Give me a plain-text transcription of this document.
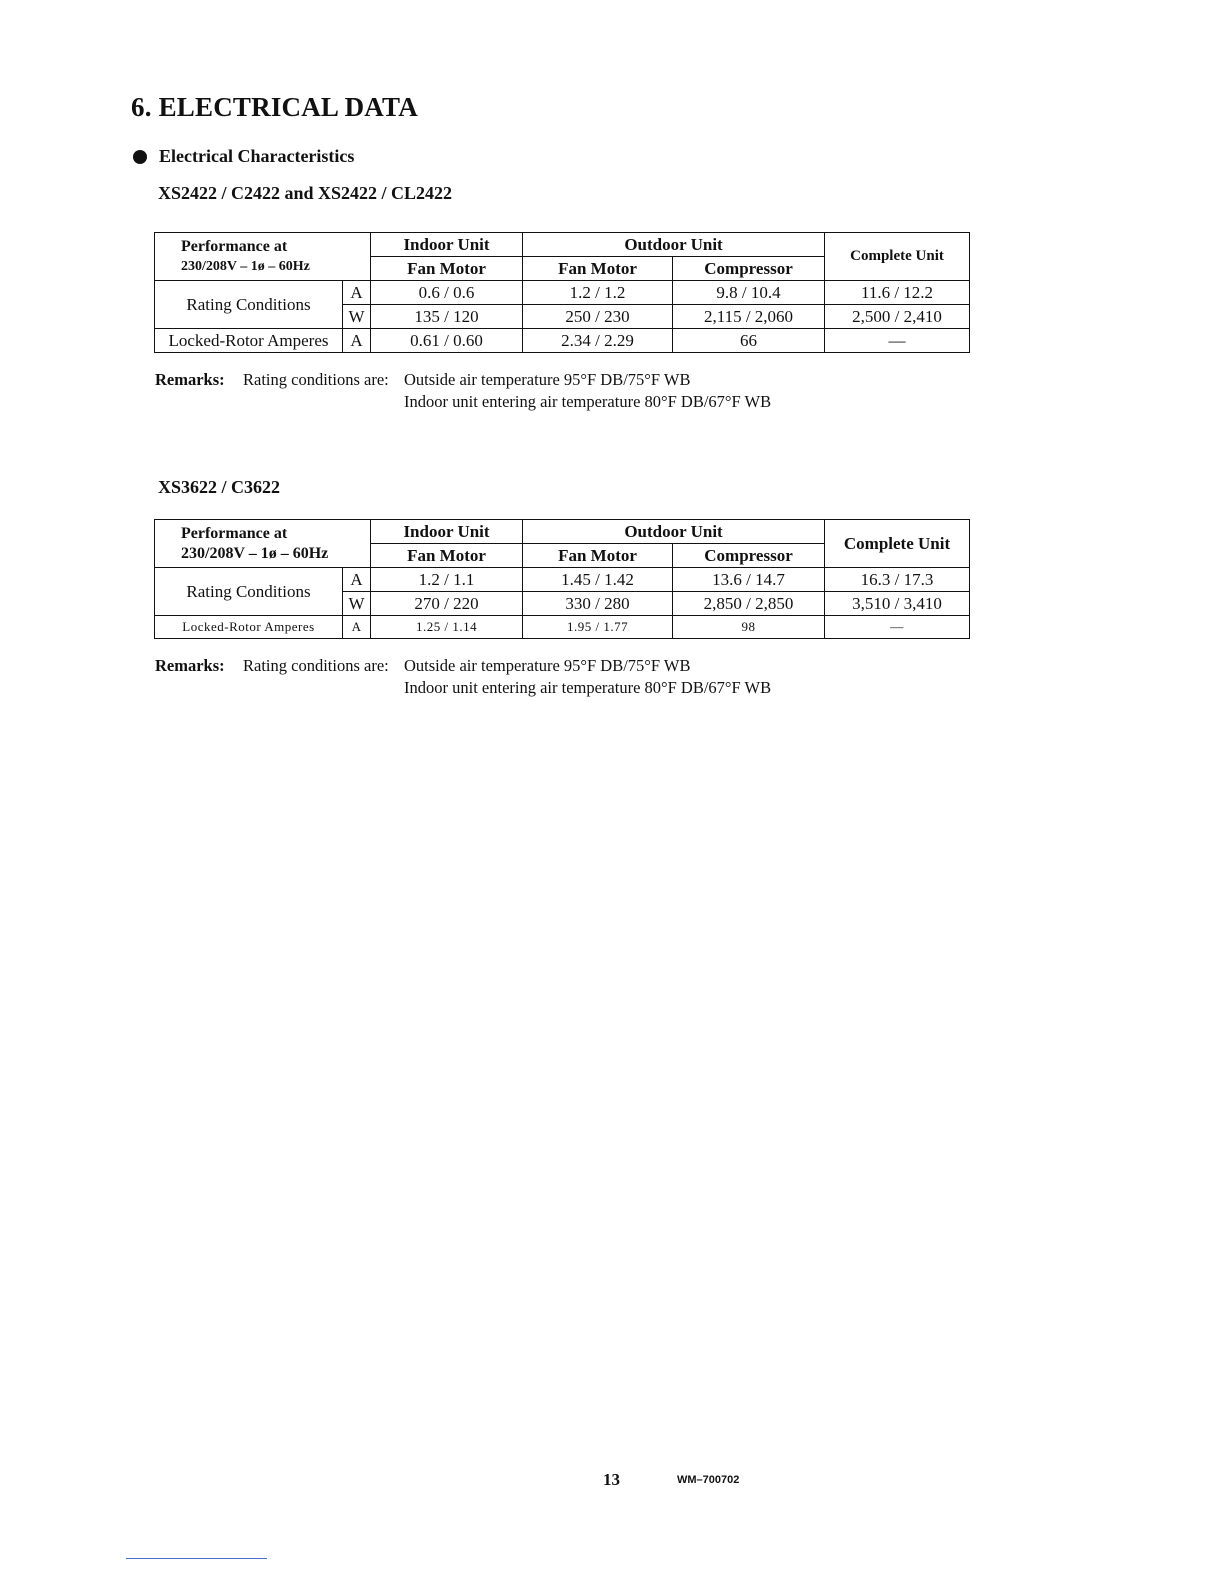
6. ELECTRICAL DATA
Electrical Characteristics
XS2422 / C2422 and XS2422 / CL2422
Performance at
230/208V – 1ø – 60Hz		Indoor Unit	Outdoor Unit		Complete Unit
		Fan Motor	Fan Motor	Compressor	
Rating Conditions	A	0.6 / 0.6	1.2 / 1.2	9.8 / 10.4	11.6 / 12.2
	W	135 / 120	250 / 230	2,115 / 2,060	2,500 / 2,410
Locked-Rotor Amperes	A	0.61 / 0.60	2.34 / 2.29	66	—
Remarks: Rating conditions are: Outside air temperature 95°F DB/75°F WB
Indoor unit entering air temperature 80°F DB/67°F WB
XS3622 / C3622
Performance at
230/208V – 1ø – 60Hz		Indoor Unit	Outdoor Unit		Complete Unit
		Fan Motor	Fan Motor	Compressor	
Rating Conditions	A	1.2 / 1.1	1.45 / 1.42	13.6 / 14.7	16.3 / 17.3
	W	270 / 220	330 / 280	2,850 / 2,850	3,510 / 3,410
Locked-Rotor Amperes	A	1.25 / 1.14	1.95 / 1.77	98	—
Remarks: Rating conditions are: Outside air temperature 95°F DB/75°F WB
Indoor unit entering air temperature 80°F DB/67°F WB
13	WM–700702
